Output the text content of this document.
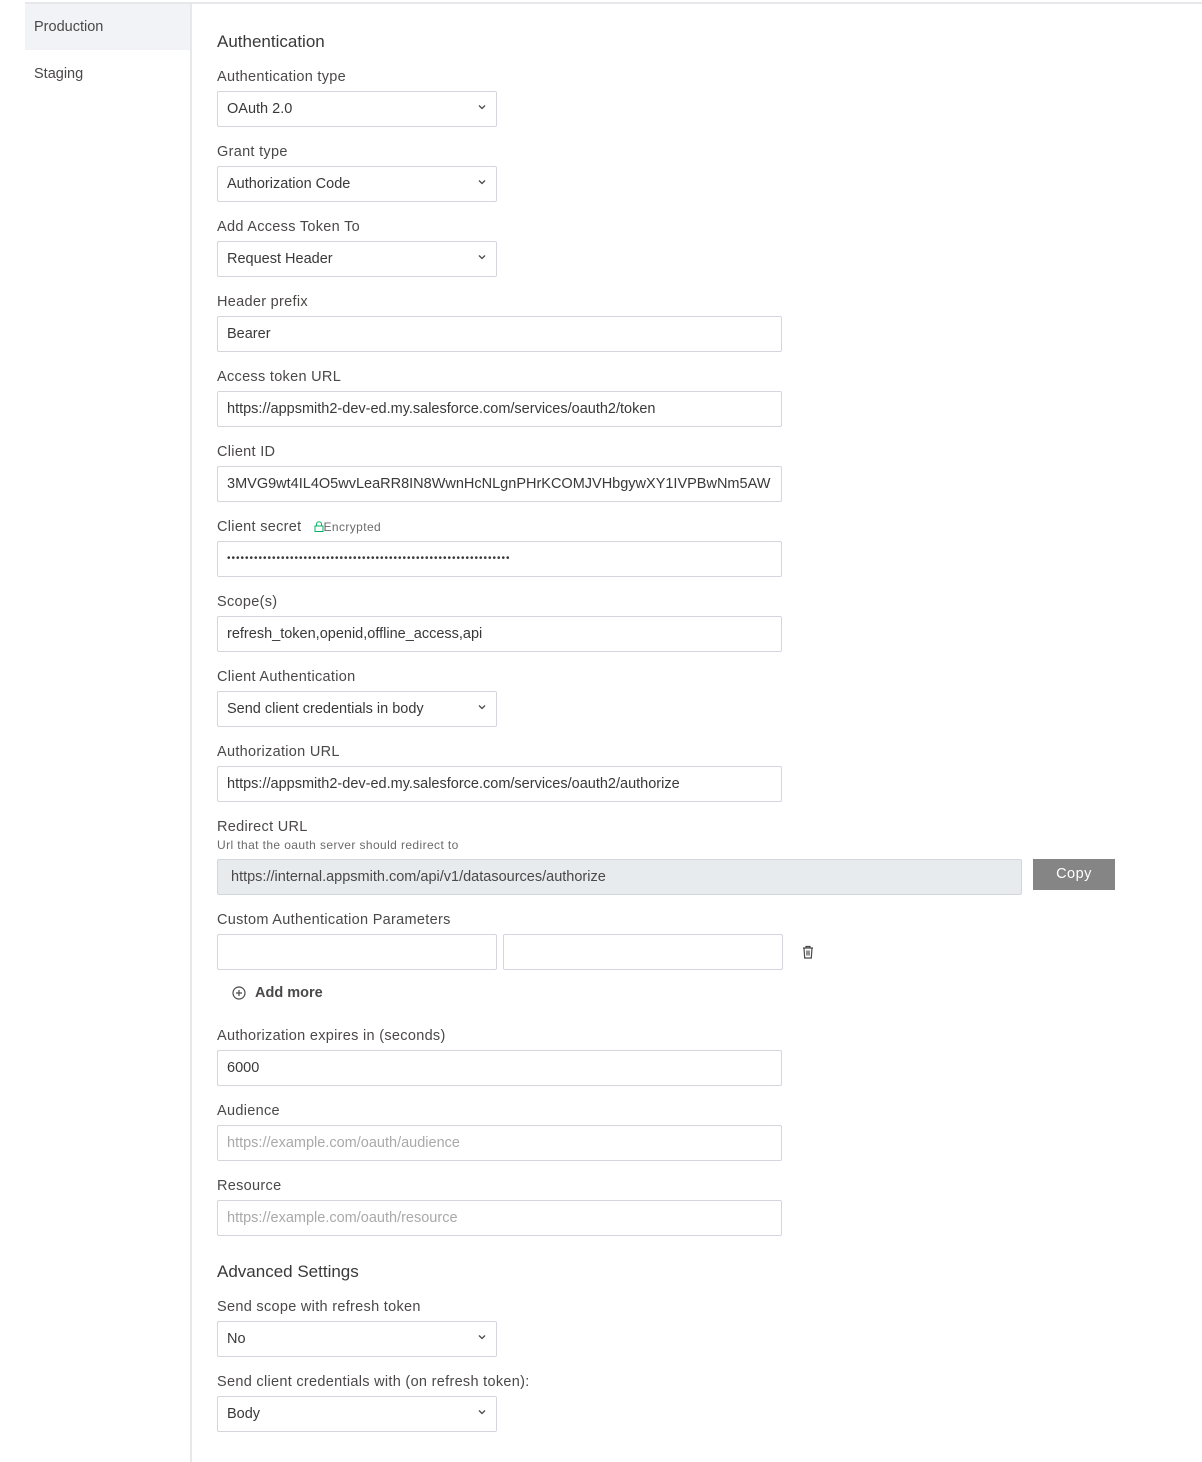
Production
Staging
Authentication
Authentication type
OAuth 2.0
Grant type
Authorization Code
Add Access Token To
Request Header
Header prefix
Bearer
Access token URL
https://appsmith2-dev-ed.my.salesforce.com/services/oauth2/token
Client ID
3MVG9wt4IL4O5wvLeaRR8IN8WwnHcNLgnPHrKCOMJVHbgywXY1IVPBwNm5AW
Client secret Encrypted
•••••••••••••••••••••••••••••••••••••••••••••••••••••••••••••••
Scope(s)
refresh_token,openid,offline_access,api
Client Authentication
Send client credentials in body
Authorization URL
https://appsmith2-dev-ed.my.salesforce.com/services/oauth2/authorize
Redirect URL
Url that the oauth server should redirect to
https://internal.appsmith.com/api/v1/datasources/authorize	Copy
Custom Authentication Parameters
Add more
Authorization expires in (seconds)
6000
Audience
https://example.com/oauth/audience
Resource
https://example.com/oauth/resource
Advanced Settings
Send scope with refresh token
No
Send client credentials with (on refresh token):
Body
